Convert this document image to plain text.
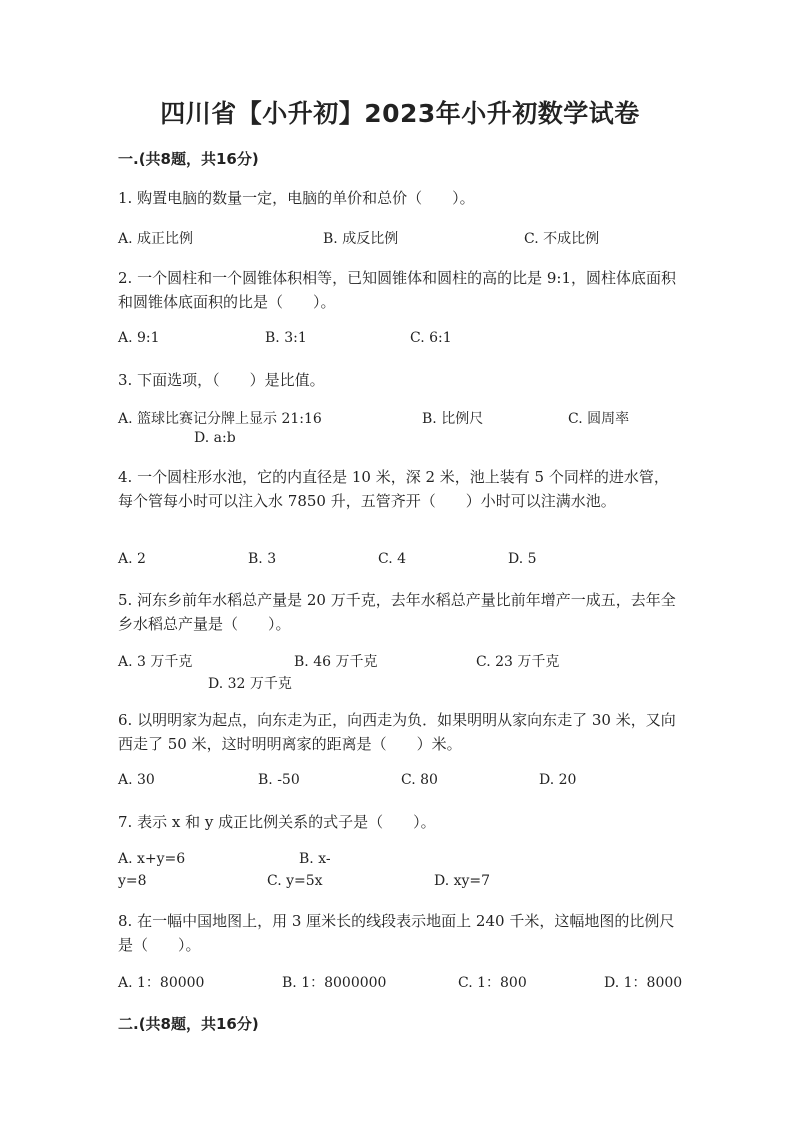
四川省【小升初】2023年小升初数学试卷
一.(共8题，共16分)
1. 购置电脑的数量一定，电脑的单价和总价（　　）。
A. 成正比例	B. 成反比例	C. 不成比例
2. 一个圆柱和一个圆锥体积相等，已知圆锥体和圆柱的高的比是 9:1，圆柱体底面积和圆锥体底面积的比是（　　）。
A. 9:1	B. 3:1	C. 6:1
3. 下面选项，（　　）是比值。
A. 篮球比赛记分牌上显示 21:16	B. 比例尺	C. 圆周率
D. a:b
4. 一个圆柱形水池，它的内直径是 10 米，深 2 米，池上装有 5 个同样的进水管，每个管每小时可以注入水 7850 升，五管齐开（　　）小时可以注满水池。
A. 2	B. 3	C. 4	D. 5
5. 河东乡前年水稻总产量是 20 万千克，去年水稻总产量比前年增产一成五，去年全乡水稻总产量是（　　）。
A. 3 万千克	B. 46 万千克	C. 23 万千克
D. 32 万千克
6. 以明明家为起点，向东走为正，向西走为负．如果明明从家向东走了 30 米，又向西走了 50 米，这时明明离家的距离是（　　）米。
A. 30	B. -50	C. 80	D. 20
7. 表示 x 和 y 成正比例关系的式子是（　　）。
A. x+y=6	B. x-
y=8	C. y=5x	D. xy=7
8. 在一幅中国地图上，用 3 厘米长的线段表示地面上 240 千米，这幅地图的比例尺是（　　）。
A. 1：80000	B. 1：8000000	C. 1：800	D. 1：8000
二.(共8题，共16分)
